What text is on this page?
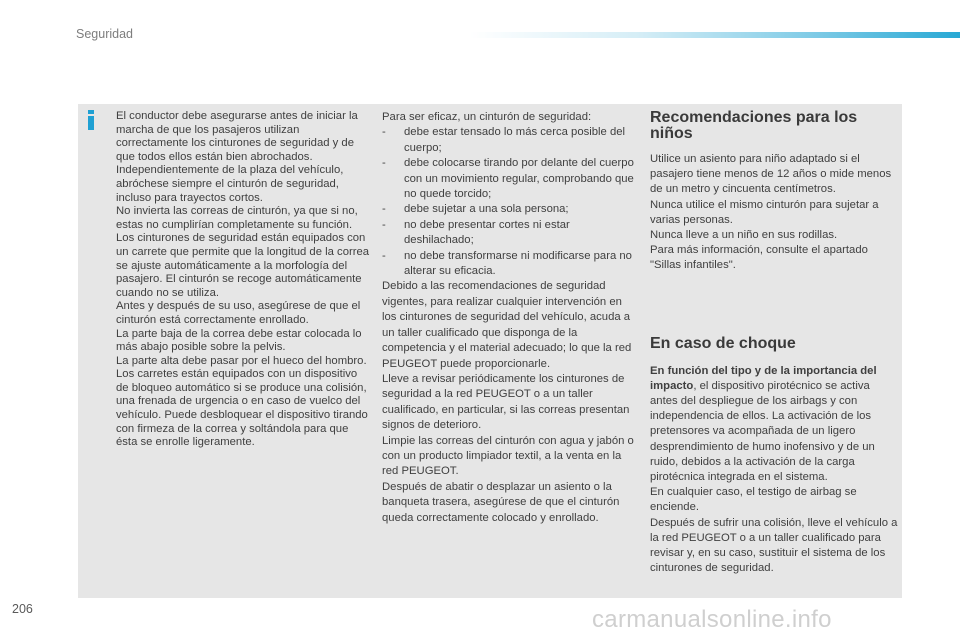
Seguridad

El conductor debe asegurarse antes de iniciar la marcha de que los pasajeros utilizan correctamente los cinturones de seguridad y de que todos ellos están bien abrochados.

Independientemente de la plaza del vehículo, abróchese siempre el cinturón de seguridad, incluso para trayectos cortos.

No invierta las correas de cinturón, ya que si no, estas no cumplirían completamente su función.

Los cinturones de seguridad están equipados con un carrete que permite que la longitud de la correa se ajuste automáticamente a la morfología del pasajero. El cinturón se recoge automáticamente cuando no se utiliza.

Antes y después de su uso, asegúrese de que el cinturón está correctamente enrollado.

La parte baja de la correa debe estar colocada lo más abajo posible sobre la pelvis.

La parte alta debe pasar por el hueco del hombro.

Los carretes están equipados con un dispositivo de bloqueo automático si se produce una colisión, una frenada de urgencia o en caso de vuelco del vehículo. Puede desbloquear el dispositivo tirando con firmeza de la correa y soltándola para que ésta se enrolle ligeramente.

Para ser eficaz, un cinturón de seguridad:

-	debe estar tensado lo más cerca posible del cuerpo;
-	debe colocarse tirando por delante del cuerpo con un movimiento regular, comprobando que no quede torcido;
-	debe sujetar a una sola persona;
-	no debe presentar cortes ni estar deshilachado;
-	no debe transformarse ni modificarse para no alterar su eficacia.

Debido a las recomendaciones de seguridad vigentes, para realizar cualquier intervención en los cinturones de seguridad del vehículo, acuda a un taller cualificado que disponga de la competencia y el material adecuado; lo que la red PEUGEOT puede proporcionarle.

Lleve a revisar periódicamente los cinturones de seguridad a la red PEUGEOT o a un taller cualificado, en particular, si las correas presentan signos de deterioro.

Limpie las correas del cinturón con agua y jabón o con un producto limpiador textil, a la venta en la red PEUGEOT.

Después de abatir o desplazar un asiento o la banqueta trasera, asegúrese de que el cinturón queda correctamente colocado y enrollado.

Recomendaciones para los niños

Utilice un asiento para niño adaptado si el pasajero tiene menos de 12 años o mide menos de un metro y cincuenta centímetros.

Nunca utilice el mismo cinturón para sujetar a varias personas.

Nunca lleve a un niño en sus rodillas.

Para más información, consulte el apartado "Sillas infantiles".

En caso de choque

En función del tipo y de la importancia del impacto, el dispositivo pirotécnico se activa antes del despliegue de los airbags y con independencia de ellos. La activación de los pretensores va acompañada de un ligero desprendimiento de humo inofensivo y de un ruido, debidos a la activación de la carga pirotécnica integrada en el sistema.

En cualquier caso, el testigo de airbag se enciende.

Después de sufrir una colisión, lleve el vehículo a la red PEUGEOT o a un taller cualificado para revisar y, en su caso, sustituir el sistema de los cinturones de seguridad.

206	carmanualsonline.info
